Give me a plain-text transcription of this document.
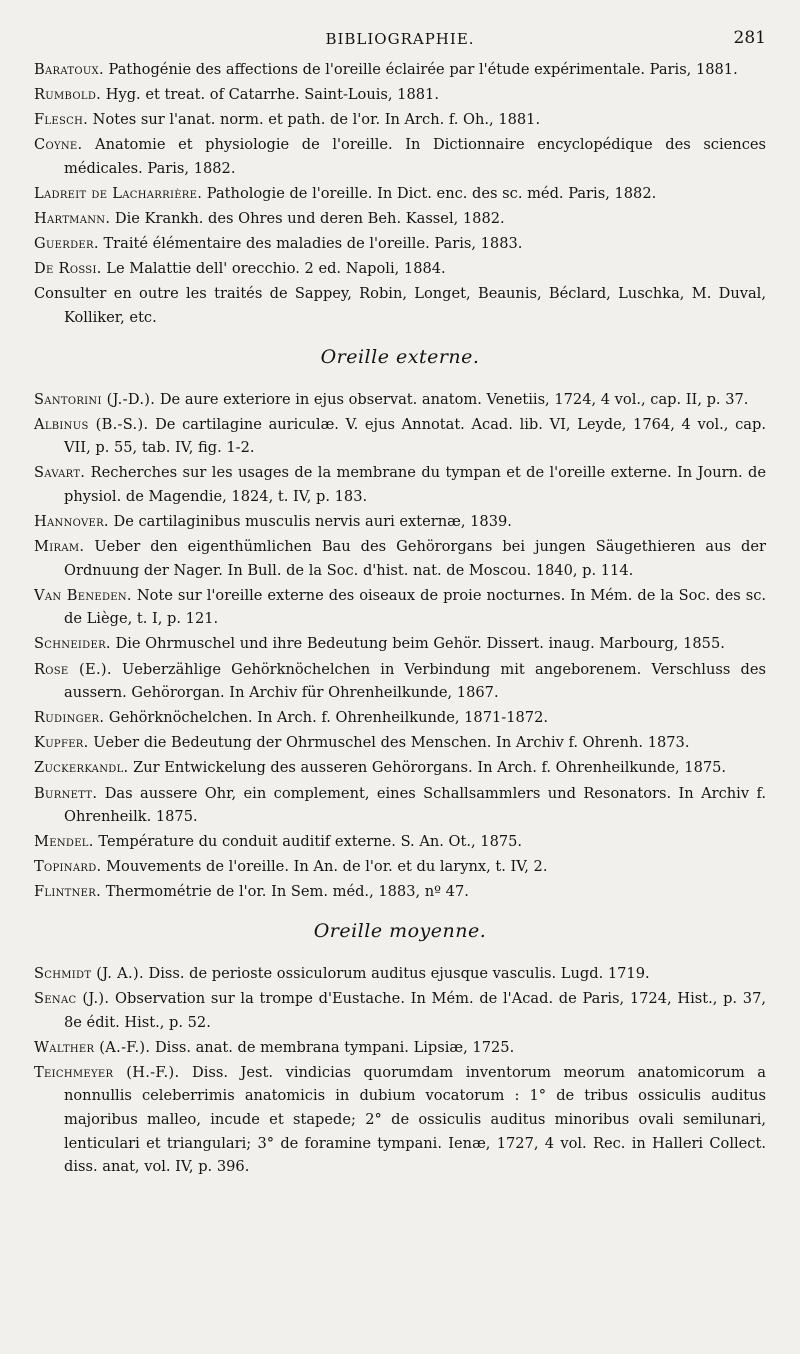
BIBLIOGRAPHIE.	281
Baratoux. Pathogénie des affections de l'oreille éclairée par l'étude expérimentale. Paris, 1881.
Rumbold. Hyg. et treat. of Catarrhe. Saint-Louis, 1881.
Flesch. Notes sur l'anat. norm. et path. de l'or. In Arch. f. Oh., 1881.
Coyne. Anatomie et physiologie de l'oreille. In Dictionnaire encyclopédique des sciences médicales. Paris, 1882.
Ladreit de Lacharrière. Pathologie de l'oreille. In Dict. enc. des sc. méd. Paris, 1882.
Hartmann. Die Krankh. des Ohres und deren Beh. Kassel, 1882.
Guerder. Traité élémentaire des maladies de l'oreille. Paris, 1883.
De Rossi. Le Malattie dell' orecchio. 2 ed. Napoli, 1884.
Consulter en outre les traités de Sappey, Robin, Longet, Beaunis, Béclard, Luschka, M. Duval, Kolliker, etc.
Oreille externe.
Santorini (J.-D.). De aure exteriore in ejus observat. anatom. Venetiis, 1724, 4 vol., cap. II, p. 37.
Albinus (B.-S.). De cartilagine auriculæ. V. ejus Annotat. Acad. lib. VI, Leyde, 1764, 4 vol., cap. VII, p. 55, tab. IV, fig. 1-2.
Savart. Recherches sur les usages de la membrane du tympan et de l'oreille externe. In Journ. de physiol. de Magendie, 1824, t. IV, p. 183.
Hannover. De cartilaginibus musculis nervis auri externæ, 1839.
Miram. Ueber den eigenthümlichen Bau des Gehörorgans bei jungen Säugethieren aus der Ordnuung der Nager. In Bull. de la Soc. d'hist. nat. de Moscou. 1840, p. 114.
Van Beneden. Note sur l'oreille externe des oiseaux de proie nocturnes. In Mém. de la Soc. des sc. de Liège, t. I, p. 121.
Schneider. Die Ohrmuschel und ihre Bedeutung beim Gehör. Dissert. inaug. Marbourg, 1855.
Rose (E.). Ueberzählige Gehörknöchelchen in Verbindung mit angeborenem. Verschluss des aussern. Gehörorgan. In Archiv für Ohrenheilkunde, 1867.
Rudinger. Gehörknöchelchen. In Arch. f. Ohrenheilkunde, 1871-1872.
Kupfer. Ueber die Bedeutung der Ohrmuschel des Menschen. In Archiv f. Ohrenh. 1873.
Zuckerkandl. Zur Entwickelung des ausseren Gehörorgans. In Arch. f. Ohrenheilkunde, 1875.
Burnett. Das aussere Ohr, ein complement, eines Schallsammlers und Resonators. In Archiv f. Ohrenheilk. 1875.
Mendel. Température du conduit auditif externe. S. An. Ot., 1875.
Topinard. Mouvements de l'oreille. In An. de l'or. et du larynx, t. IV, 2.
Flintner. Thermométrie de l'or. In Sem. méd., 1883, nº 47.
Oreille moyenne.
Schmidt (J. A.). Diss. de perioste ossiculorum auditus ejusque vasculis. Lugd. 1719.
Senac (J.). Observation sur la trompe d'Eustache. In Mém. de l'Acad. de Paris, 1724, Hist., p. 37, 8e édit. Hist., p. 52.
Walther (A.-F.). Diss. anat. de membrana tympani. Lipsiæ, 1725.
Teichmeyer (H.-F.). Diss. Jest. vindicias quorumdam inventorum meorum anatomicorum a nonnullis celeberrimis anatomicis in dubium vocatorum : 1° de tribus ossiculis auditus majoribus malleo, incude et stapede; 2° de ossiculis auditus minoribus ovali semilunari, lenticulari et triangulari; 3° de foramine tympani. Ienæ, 1727, 4 vol. Rec. in Halleri Collect. diss. anat, vol. IV, p. 396.
